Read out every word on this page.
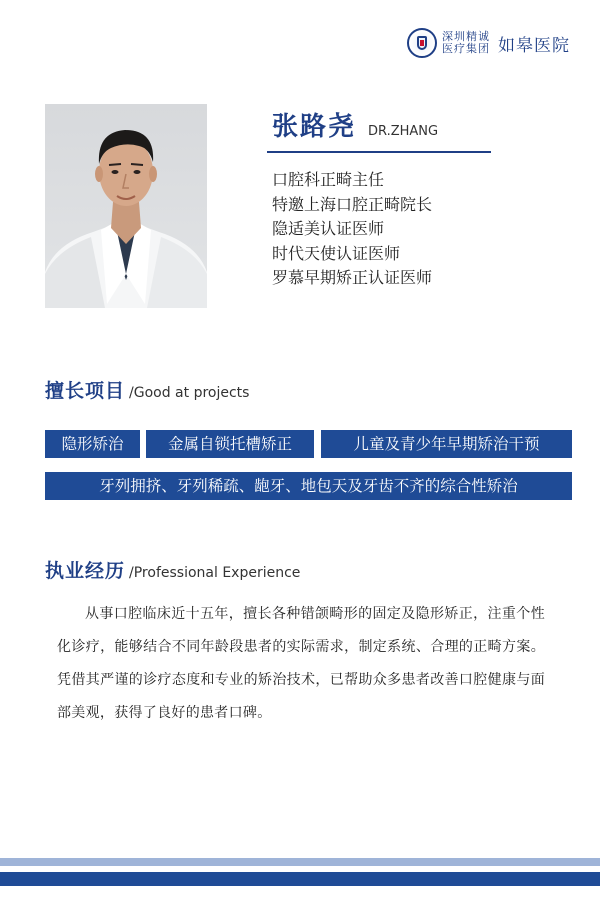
深圳精诚
医疗集团 如皋医院
张路尧 DR.ZHANG
口腔科正畸主任
特邀上海口腔正畸院长
隐适美认证医师
时代天使认证医师
罗慕早期矫正认证医师
擅长项目 /Good at projects
隐形矫治	金属自锁托槽矫正	儿童及青少年早期矫治干预
牙列拥挤、牙列稀疏、龅牙、地包天及牙齿不齐的综合性矫治
执业经历 /Professional Experience
从事口腔临床近十五年，擅长各种错颌畸形的固定及隐形矫正，注重个性化诊疗，能够结合不同年龄段患者的实际需求，制定系统、合理的正畸方案。凭借其严谨的诊疗态度和专业的矫治技术，已帮助众多患者改善口腔健康与面部美观，获得了良好的患者口碑。
